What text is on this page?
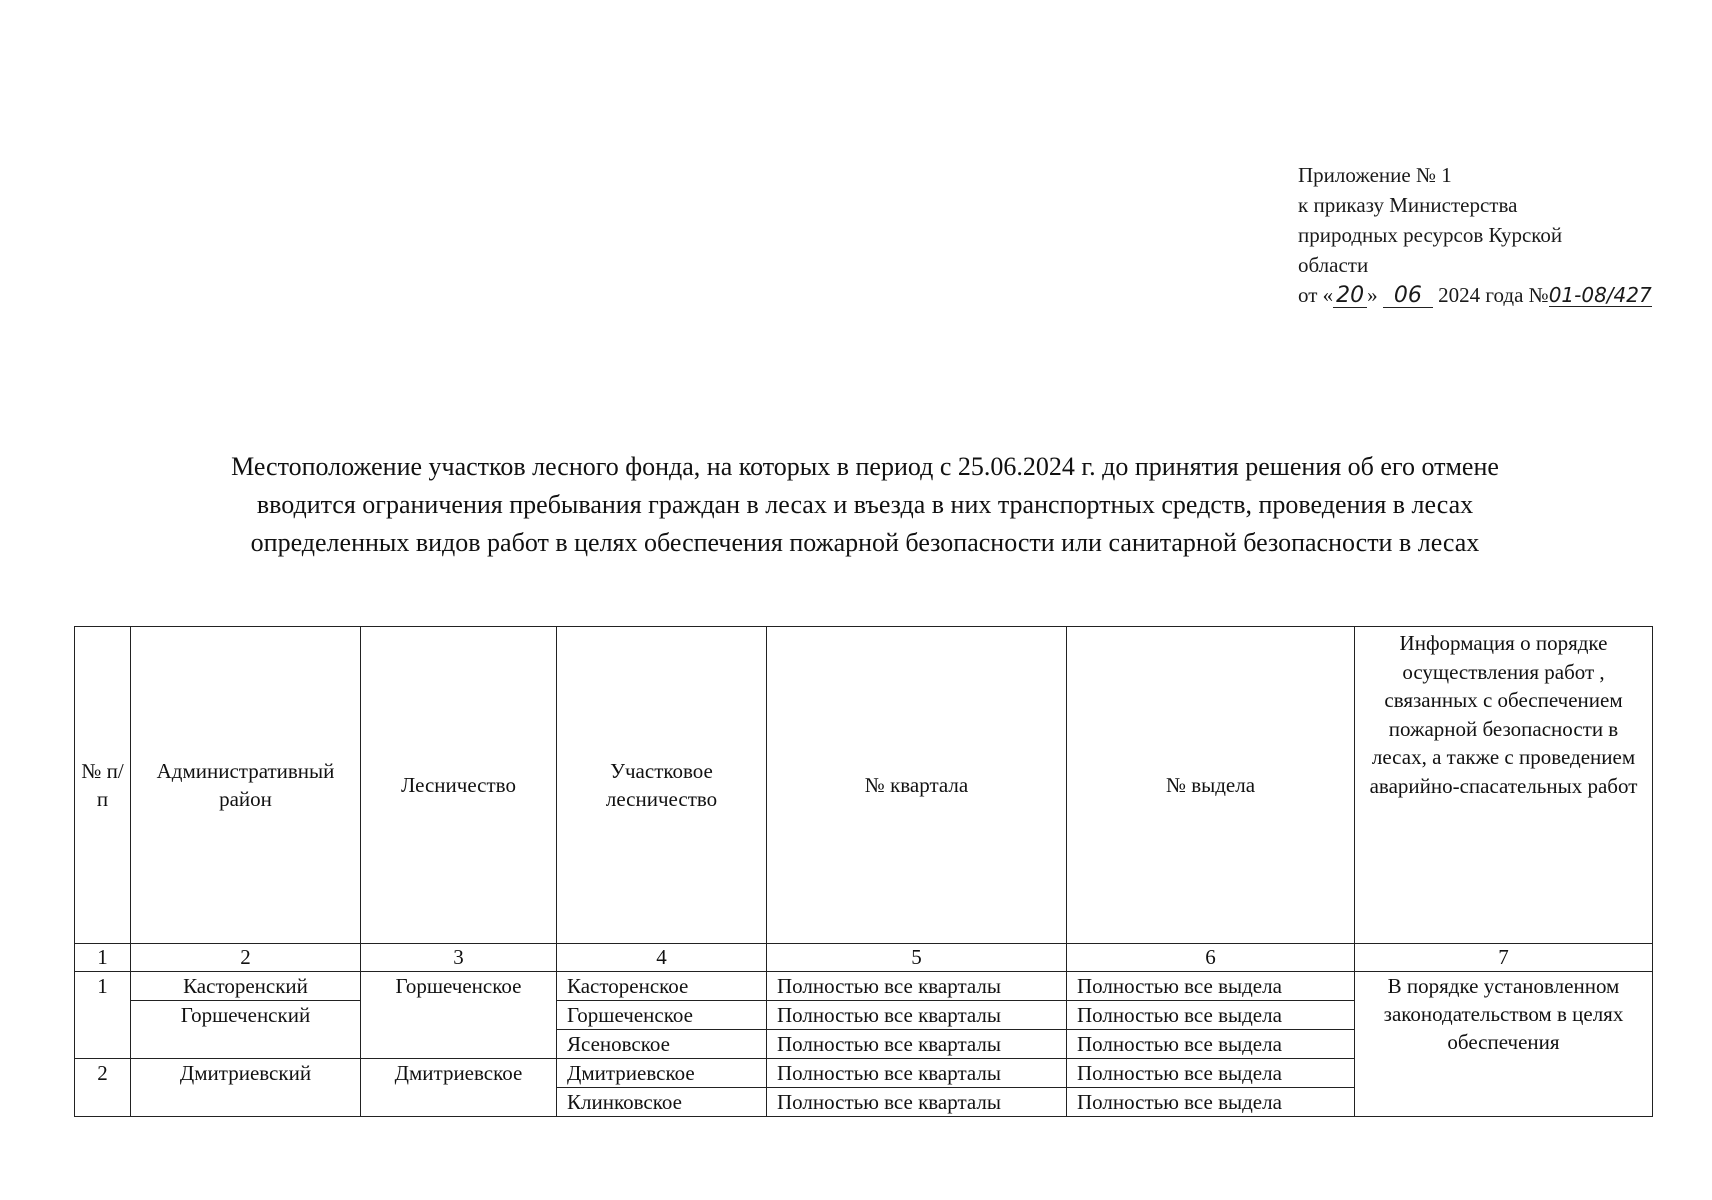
Приложение № 1
к приказу Министерства
природных ресурсов Курской
области
от « 20 » 06 2024 года №01-08/427
Местоположение участков лесного фонда, на которых в период с 25.06.2024 г. до принятия решения об его отмене
вводится ограничения пребывания граждан в лесах и въезда в них транспортных средств, проведения в лесах
определенных видов работ в целях обеспечения пожарной безопасности или санитарной безопасности в лесах
№ п/п	Административный район	Лесничество	Участковое лесничество	№ квартала	№ выдела	Информация о порядке осуществления работ , связанных с обеспечением пожарной безопасности в лесах, а также с проведением аварийно-спасательных работ
1	2	3	4	5	6	7
1	Касторенский	Горшеченское	Касторенское	Полностью все кварталы	Полностью все выдела	В порядке установленном законодательством в целях обеспечения
	Горшеченский		Горшеченское	Полностью все кварталы	Полностью все выдела	
			Ясеновское	Полностью все кварталы	Полностью все выдела	
2	Дмитриевский	Дмитриевское	Дмитриевское	Полностью все кварталы	Полностью все выдела	
			Клинковское	Полностью все кварталы	Полностью все выдела	
